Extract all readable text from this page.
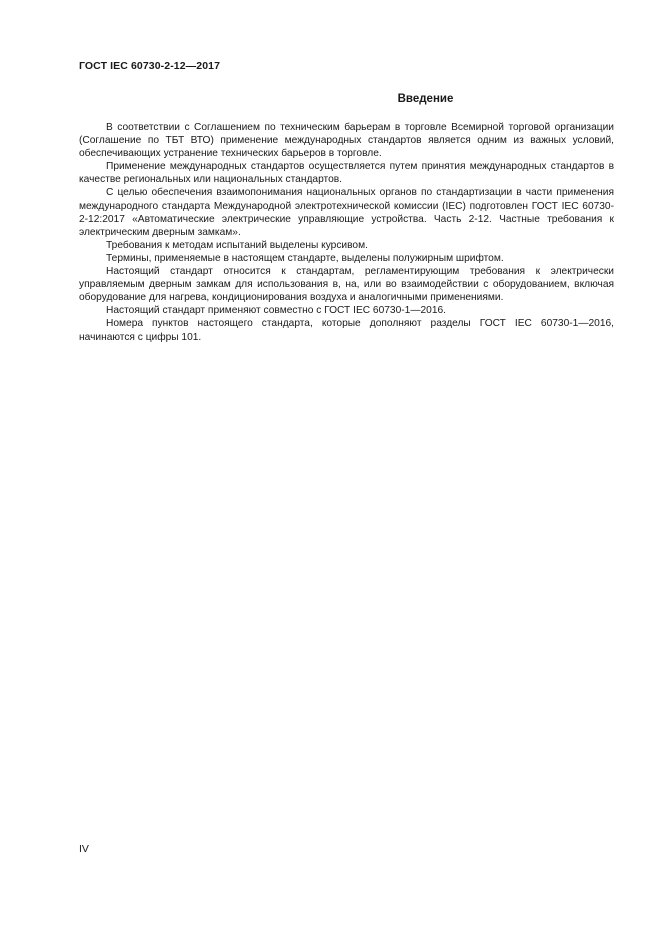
ГОСТ IEC 60730-2-12—2017
Введение

В соответствии с Соглашением по техническим барьерам в торговле Всемирной торговой организации (Соглашение по ТБТ ВТО) применение международных стандартов является одним из важных условий, обеспечивающих устранение технических барьеров в торговле.

Применение международных стандартов осуществляется путем принятия международных стандартов в качестве региональных или национальных стандартов.

С целью обеспечения взаимопонимания национальных органов по стандартизации в части применения международного стандарта Международной электротехнической комиссии (IEC) подготовлен ГОСТ IEC 60730-2-12:2017 «Автоматические электрические управляющие устройства. Часть 2-12. Частные требования к электрическим дверным замкам».

Требования к методам испытаний выделены курсивом.

Термины, применяемые в настоящем стандарте, выделены полужирным шрифтом.

Настоящий стандарт относится к стандартам, регламентирующим требования к электрически управляемым дверным замкам для использования в, на, или во взаимодействии с оборудованием, включая оборудование для нагрева, кондиционирования воздуха и аналогичными применениями.

Настоящий стандарт применяют совместно с ГОСТ IEC 60730-1—2016.

Номера пунктов настоящего стандарта, которые дополняют разделы ГОСТ IEC 60730-1—2016, начинаются с цифры 101.

IV
